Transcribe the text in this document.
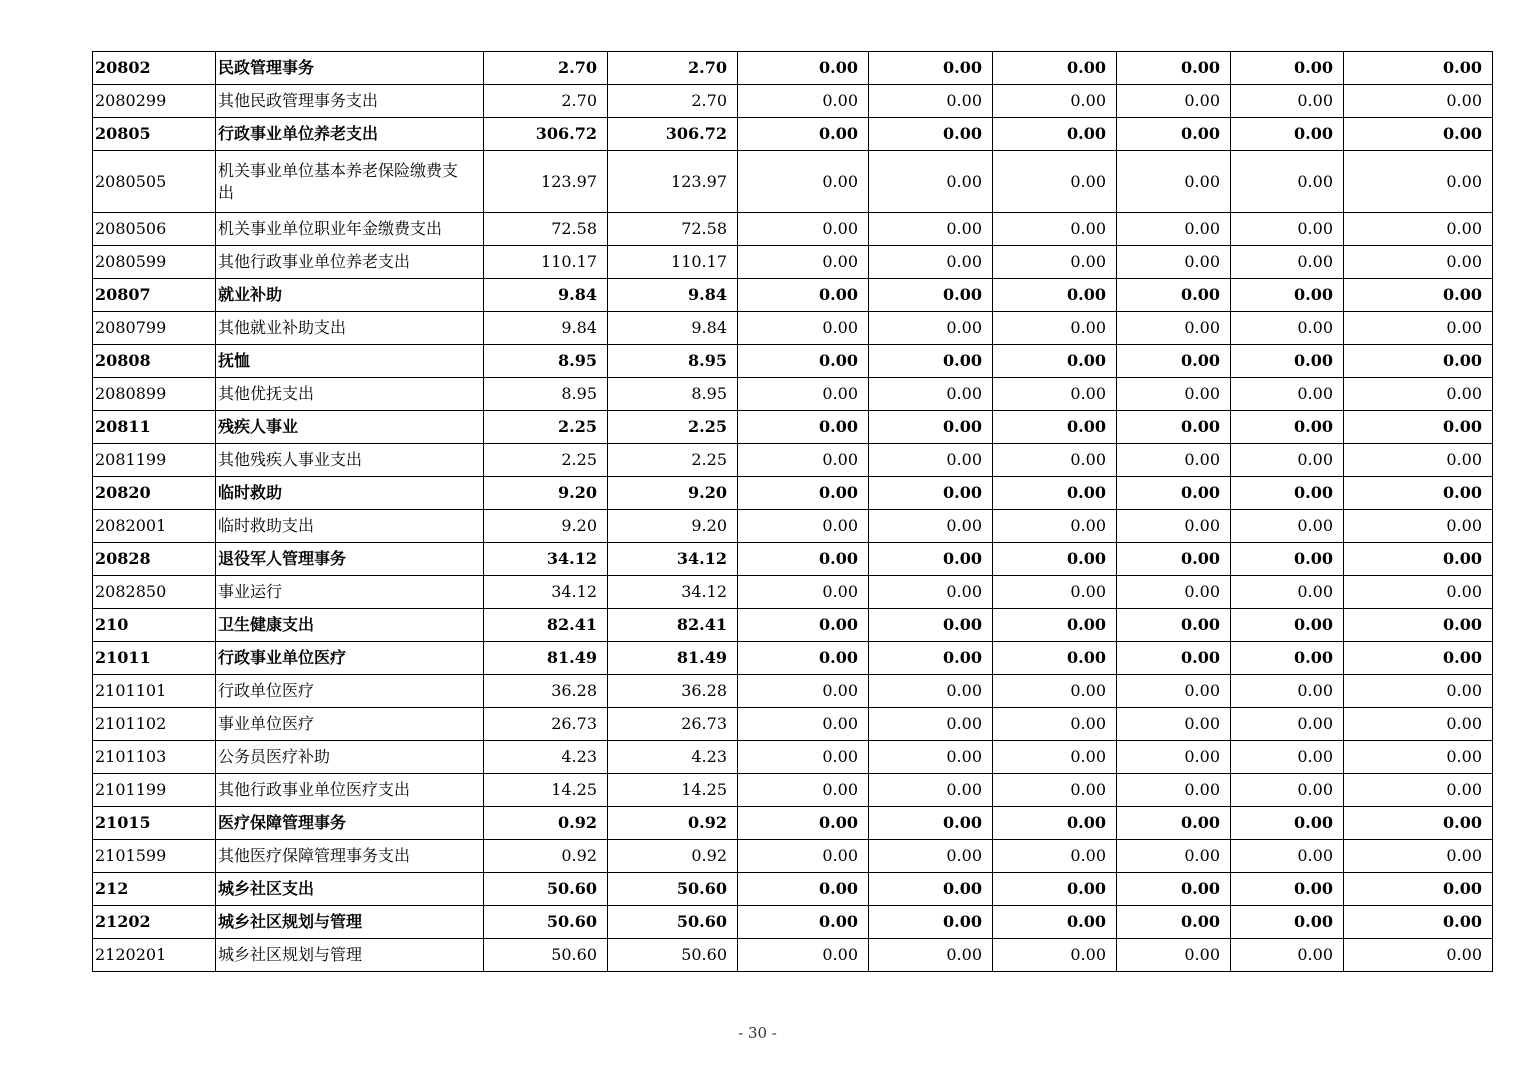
20802	民政管理事务	2.70	2.70	0.00	0.00	0.00	0.00	0.00	0.00
2080299	其他民政管理事务支出	2.70	2.70	0.00	0.00	0.00	0.00	0.00	0.00
20805	行政事业单位养老支出	306.72	306.72	0.00	0.00	0.00	0.00	0.00	0.00
2080505	机关事业单位基本养老保险缴费支出	123.97	123.97	0.00	0.00	0.00	0.00	0.00	0.00
2080506	机关事业单位职业年金缴费支出	72.58	72.58	0.00	0.00	0.00	0.00	0.00	0.00
2080599	其他行政事业单位养老支出	110.17	110.17	0.00	0.00	0.00	0.00	0.00	0.00
20807	就业补助	9.84	9.84	0.00	0.00	0.00	0.00	0.00	0.00
2080799	其他就业补助支出	9.84	9.84	0.00	0.00	0.00	0.00	0.00	0.00
20808	抚恤	8.95	8.95	0.00	0.00	0.00	0.00	0.00	0.00
2080899	其他优抚支出	8.95	8.95	0.00	0.00	0.00	0.00	0.00	0.00
20811	残疾人事业	2.25	2.25	0.00	0.00	0.00	0.00	0.00	0.00
2081199	其他残疾人事业支出	2.25	2.25	0.00	0.00	0.00	0.00	0.00	0.00
20820	临时救助	9.20	9.20	0.00	0.00	0.00	0.00	0.00	0.00
2082001	临时救助支出	9.20	9.20	0.00	0.00	0.00	0.00	0.00	0.00
20828	退役军人管理事务	34.12	34.12	0.00	0.00	0.00	0.00	0.00	0.00
2082850	事业运行	34.12	34.12	0.00	0.00	0.00	0.00	0.00	0.00
210	卫生健康支出	82.41	82.41	0.00	0.00	0.00	0.00	0.00	0.00
21011	行政事业单位医疗	81.49	81.49	0.00	0.00	0.00	0.00	0.00	0.00
2101101	行政单位医疗	36.28	36.28	0.00	0.00	0.00	0.00	0.00	0.00
2101102	事业单位医疗	26.73	26.73	0.00	0.00	0.00	0.00	0.00	0.00
2101103	公务员医疗补助	4.23	4.23	0.00	0.00	0.00	0.00	0.00	0.00
2101199	其他行政事业单位医疗支出	14.25	14.25	0.00	0.00	0.00	0.00	0.00	0.00
21015	医疗保障管理事务	0.92	0.92	0.00	0.00	0.00	0.00	0.00	0.00
2101599	其他医疗保障管理事务支出	0.92	0.92	0.00	0.00	0.00	0.00	0.00	0.00
212	城乡社区支出	50.60	50.60	0.00	0.00	0.00	0.00	0.00	0.00
21202	城乡社区规划与管理	50.60	50.60	0.00	0.00	0.00	0.00	0.00	0.00
2120201	城乡社区规划与管理	50.60	50.60	0.00	0.00	0.00	0.00	0.00	0.00
- 30 -
